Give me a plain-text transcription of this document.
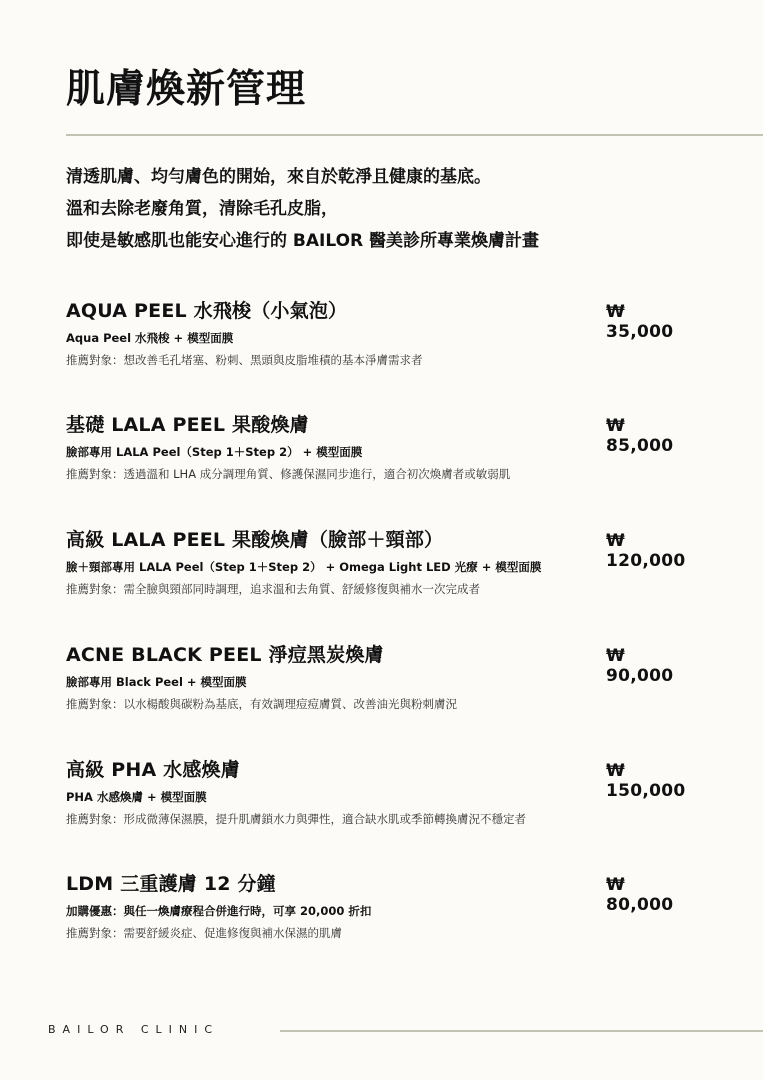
肌膚煥新管理

清透肌膚、均勻膚色的開始，來自於乾淨且健康的基底。

溫和去除老廢角質，清除毛孔皮脂，

即使是敏感肌也能安心進行的 BAILOR 醫美診所專業煥膚計畫

AQUA PEEL 水飛梭（小氣泡）	₩ 35,000
Aqua Peel 水飛梭 + 模型面膜
推薦對象：想改善毛孔堵塞、粉刺、黑頭與皮脂堆積的基本淨膚需求者
基礎 LALA PEEL 果酸煥膚	₩ 85,000
臉部專用 LALA Peel（Step 1＋Step 2） + 模型面膜
推薦對象：透過溫和 LHA 成分調理角質、修護保濕同步進行，適合初次煥膚者或敏弱肌
高級 LALA PEEL 果酸煥膚（臉部＋頸部）	₩ 120,000
臉＋頸部專用 LALA Peel（Step 1＋Step 2） + Omega Light LED 光療 + 模型面膜
推薦對象：需全臉與頸部同時調理，追求溫和去角質、舒緩修復與補水一次完成者
ACNE BLACK PEEL 淨痘黑炭煥膚	₩ 90,000
臉部專用 Black Peel + 模型面膜
推薦對象：以水楊酸與碳粉為基底，有效調理痘痘膚質、改善油光與粉刺膚況
高級 PHA 水感煥膚	₩ 150,000
PHA 水感煥膚 + 模型面膜
推薦對象：形成微薄保濕膜，提升肌膚鎖水力與彈性，適合缺水肌或季節轉換膚況不穩定者
LDM 三重護膚 12 分鐘	₩ 80,000
加購優惠：與任一煥膚療程合併進行時，可享 20,000 折扣
推薦對象：需要舒緩炎症、促進修復與補水保濕的肌膚
BAILOR CLINIC
